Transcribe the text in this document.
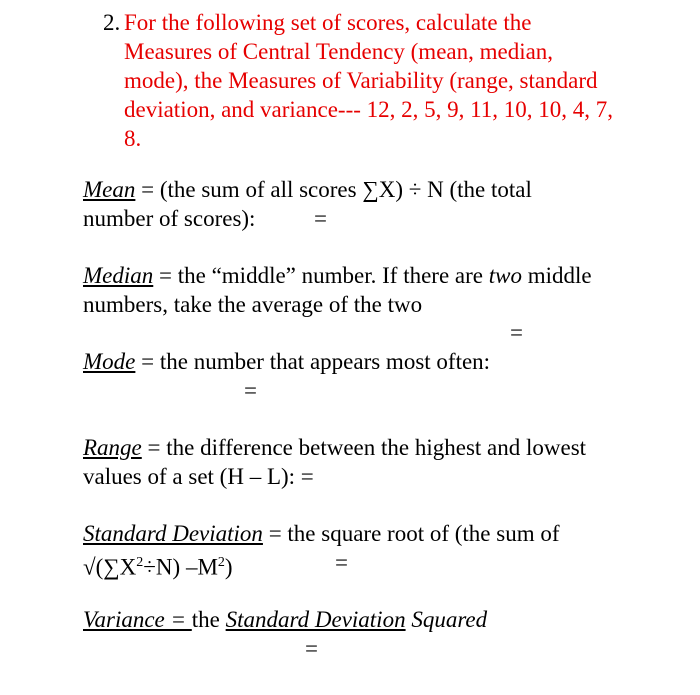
2. For the following set of scores, calculate the Measures of Central Tendency (mean, median, mode), the Measures of Variability (range, standard deviation, and variance--- 12, 2, 5, 9, 11, 10, 10, 4, 7, 8.
Mean = (the sum of all scores ∑X) ÷ N (the total
number of scores):	=
Median = the “middle” number. If there are two middle
numbers, take the average of the two
=
Mode = the number that appears most often:
=
Range = the difference between the highest and lowest
values of a set (H – L): =
Standard Deviation = the square root of (the sum of
$√(\sum X^2\div N)$ $-M^2$)	=
Variance = the Standard Deviation Squared
=
